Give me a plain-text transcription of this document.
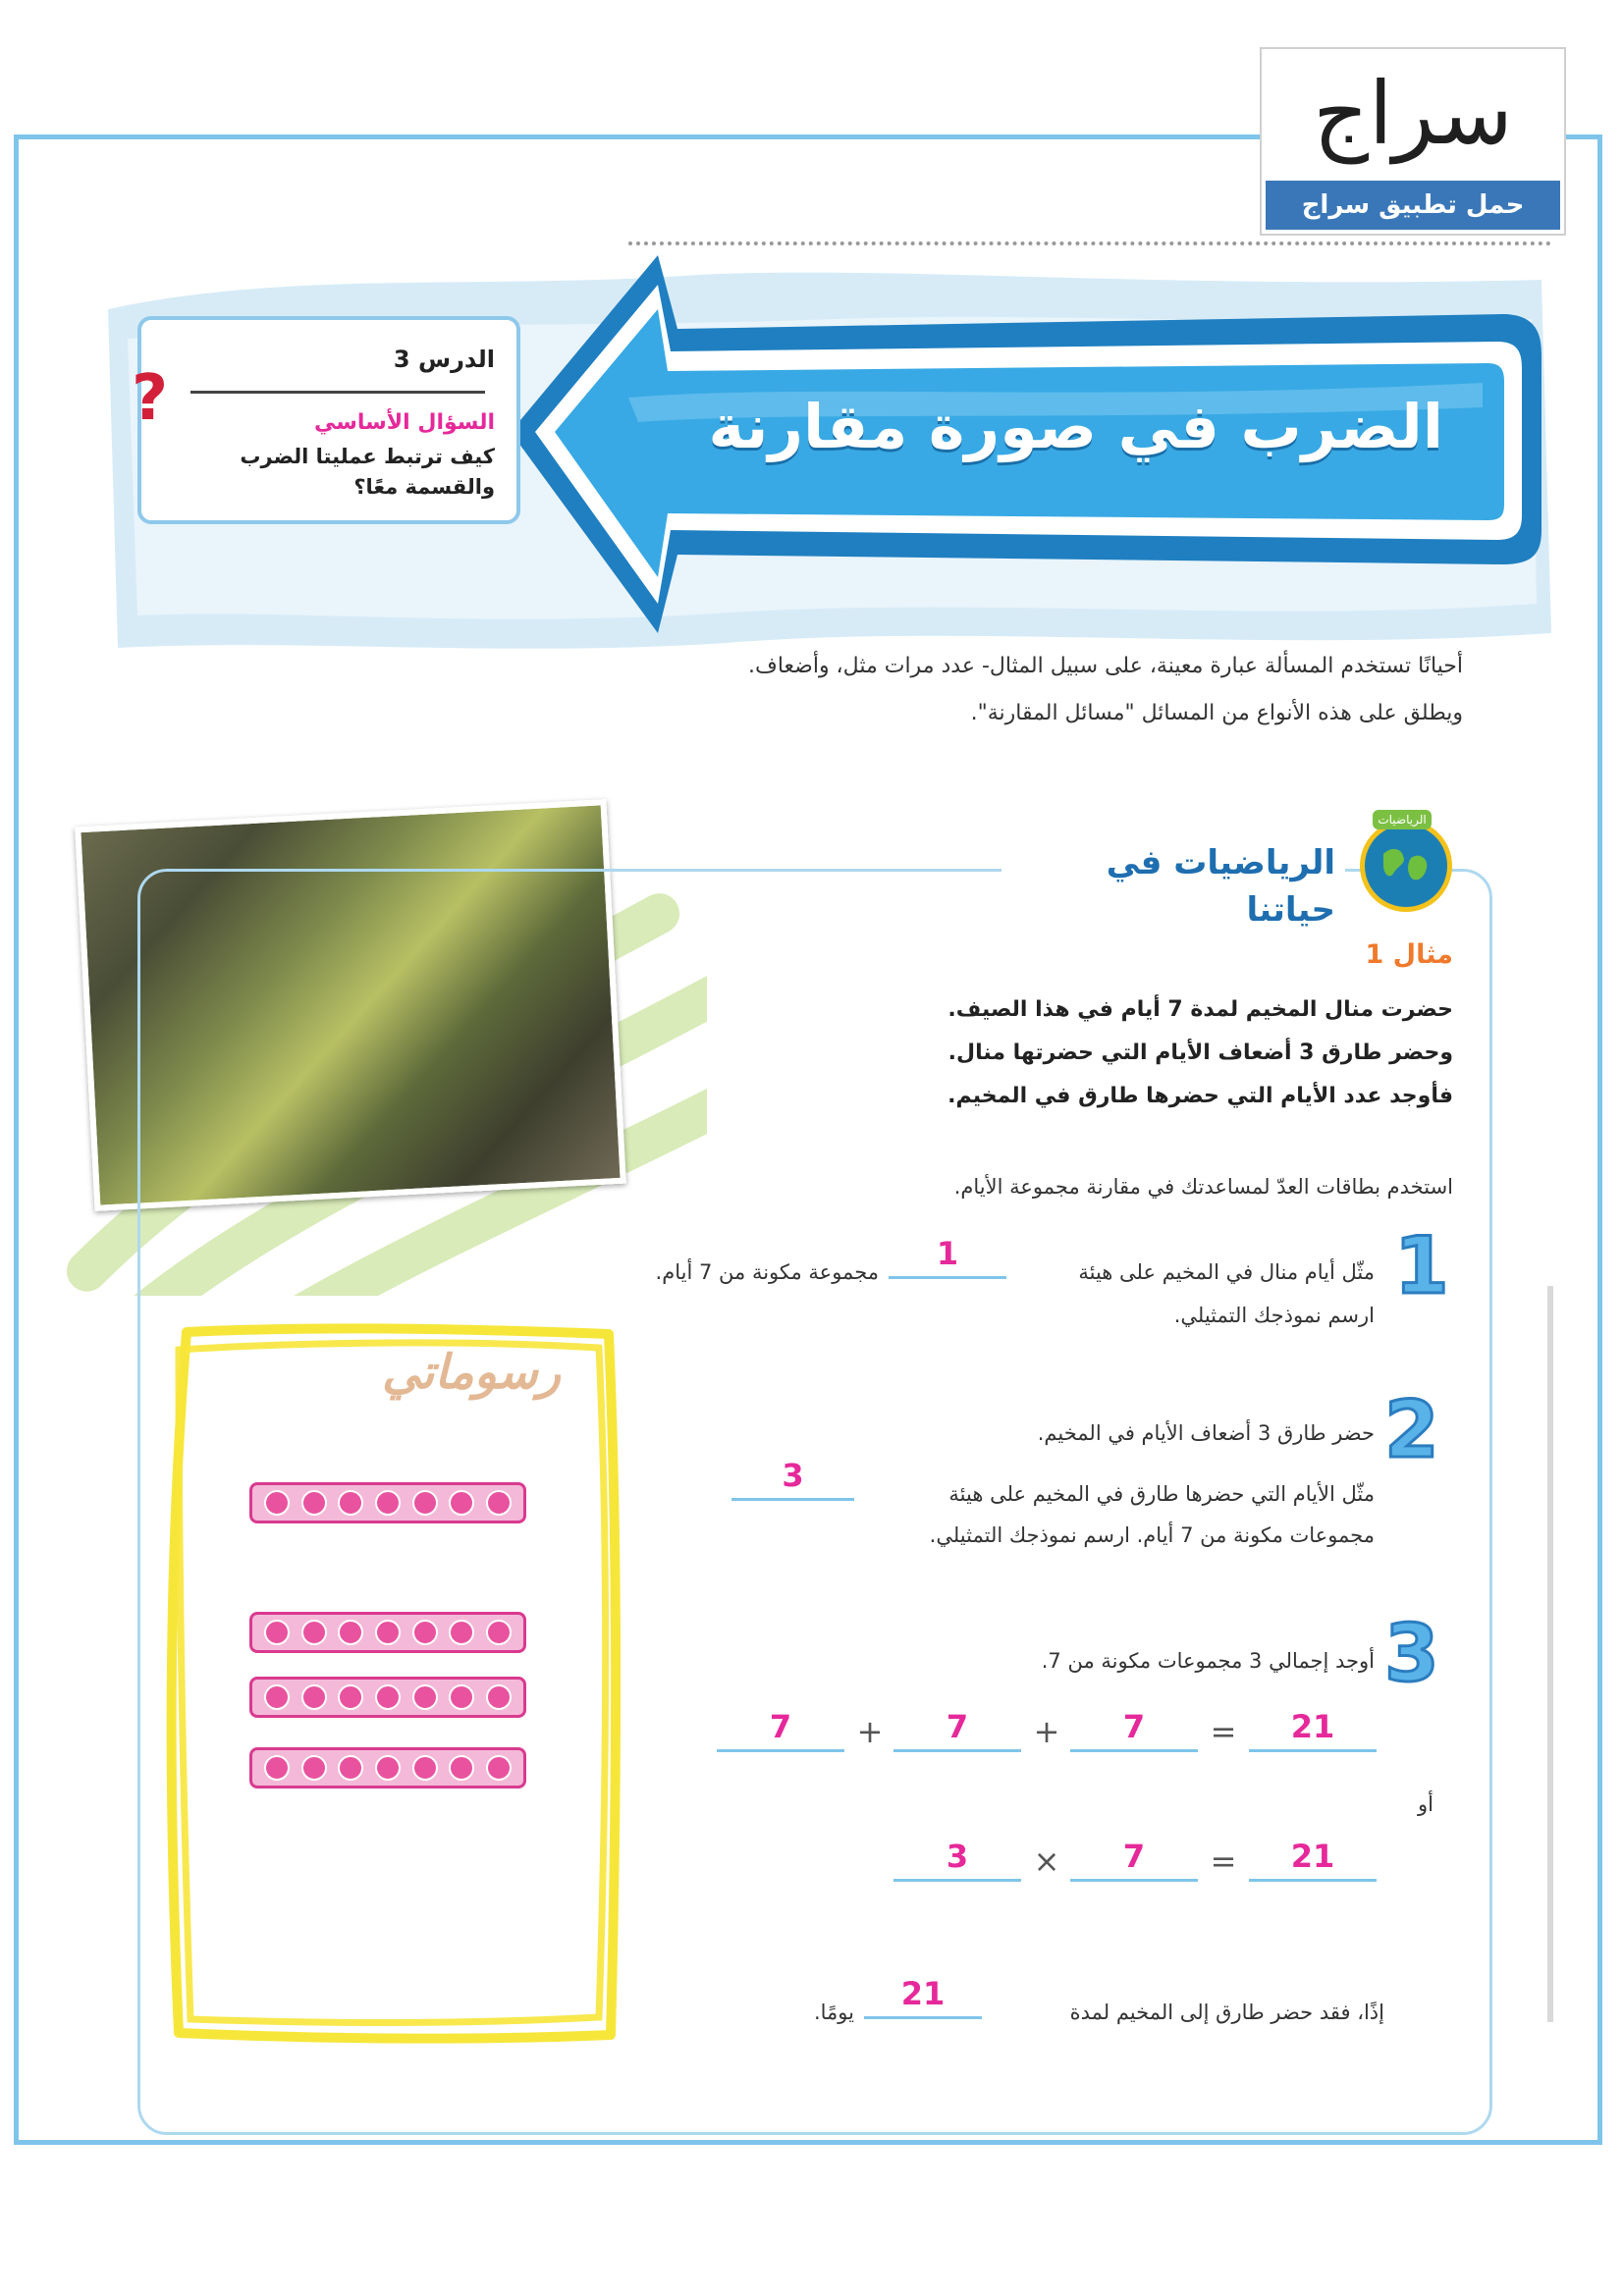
سراج
حمل تطبيق سراج
الضرب في صورة مقارنة
الدرس 3
السؤال الأساسي
كيف ترتبط عمليتا الضرب والقسمة معًا؟
?
أحيانًا تستخدم المسألة عبارة معينة، على سبيل المثال- عدد مرات مثل، وأضعاف. ويطلق على هذه الأنواع من المسائل "مسائل المقارنة".
الرياضيات في حياتنا
الرياضيات
مثال 1
حضرت منال المخيم لمدة 7 أيام في هذا الصيف.
وحضر طارق 3 أضعاف الأيام التي حضرتها منال.
فأوجد عدد الأيام التي حضرها طارق في المخيم.
استخدم بطاقات العدّ لمساعدتك في مقارنة مجموعة الأيام.
1
مثّل أيام منال في المخيم على هيئة
1
مجموعة مكونة من 7 أيام.
ارسم نموذجك التمثيلي.
2
حضر طارق 3 أضعاف الأيام في المخيم.
مثّل الأيام التي حضرها طارق في المخيم على هيئة
3
مجموعات مكونة من 7 أيام. ارسم نموذجك التمثيلي.
3
أوجد إجمالي 3 مجموعات مكونة من 7.
7	+	7	+	7	=	21
أو
3	×	7	=	21
إذًا، فقد حضر طارق إلى المخيم لمدة
21
يومًا.
رسوماتي
